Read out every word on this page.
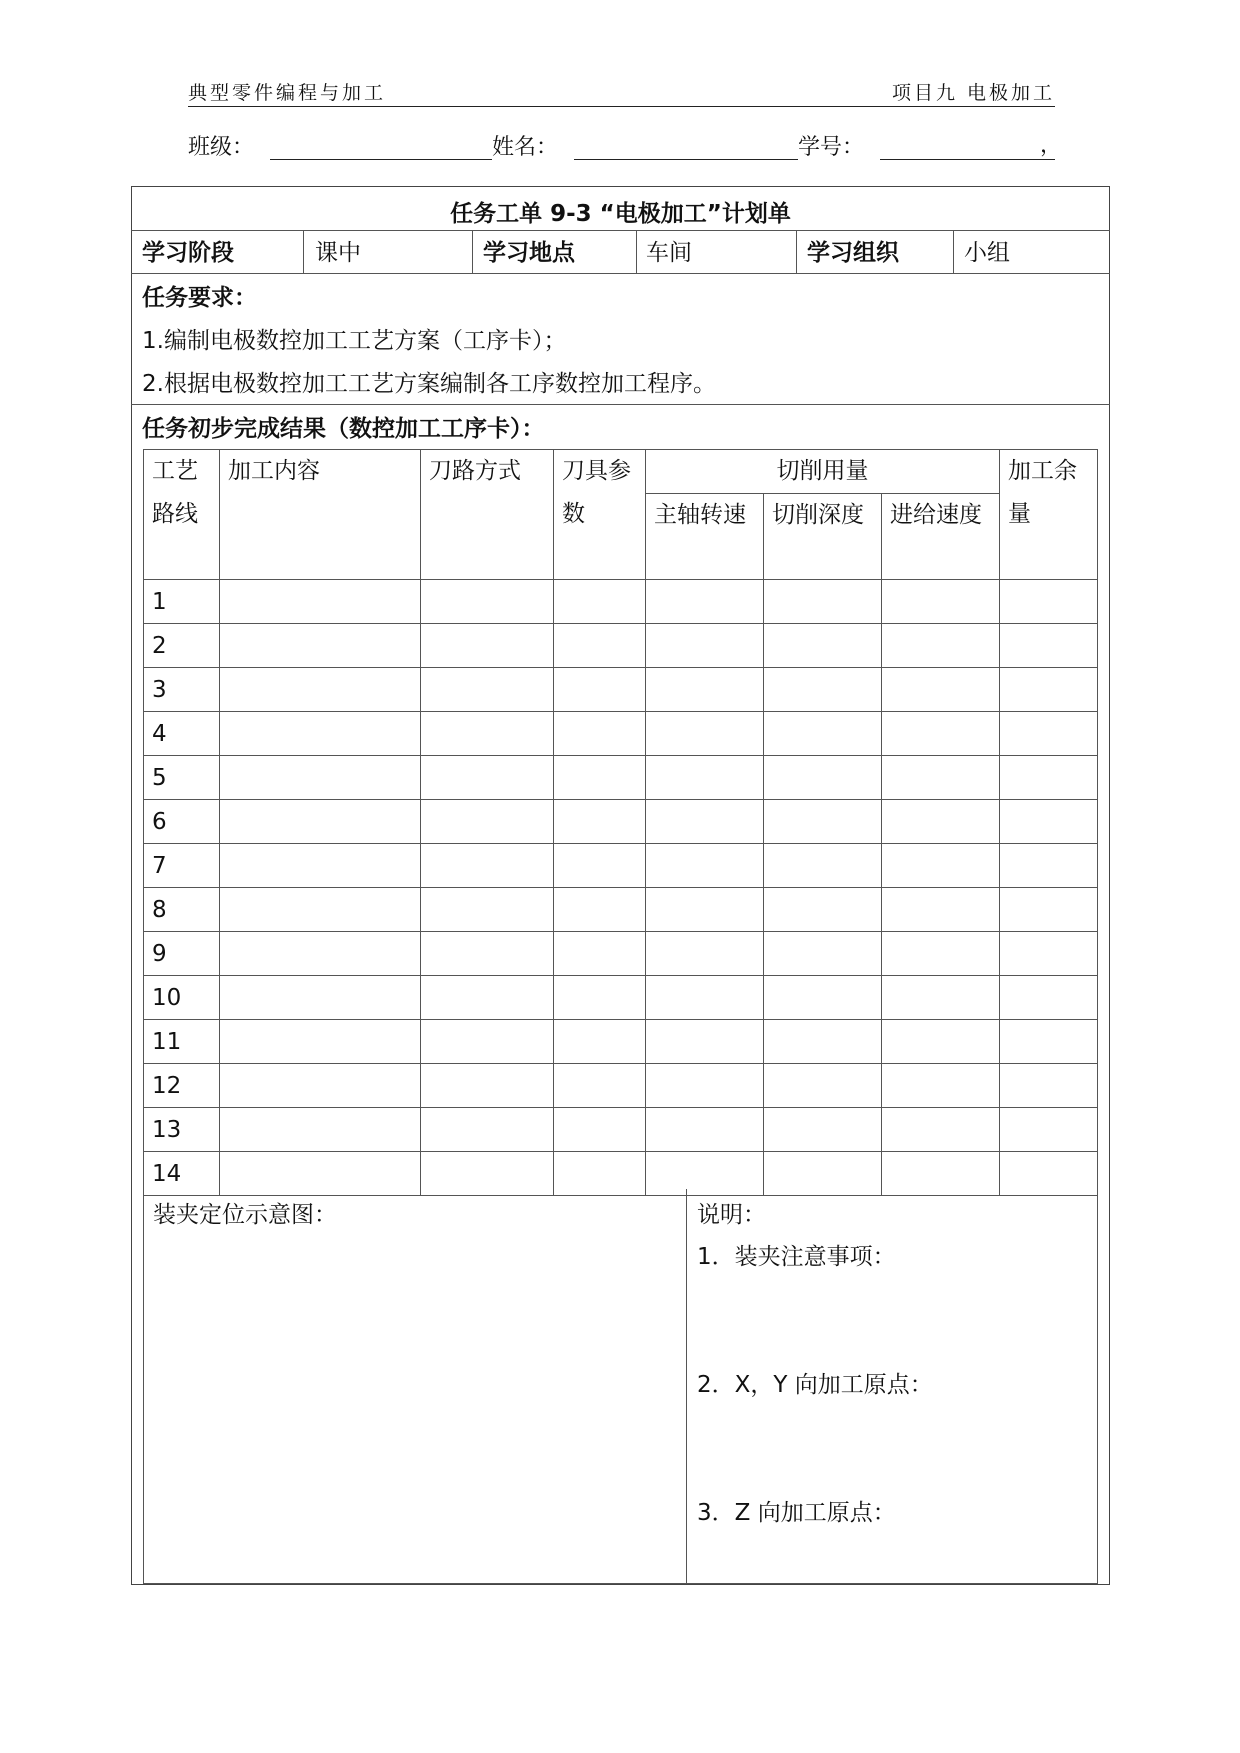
典型零件编程与加工	项目九 电极加工
班级：	姓名：	学号：	，
任务工单 9-3 “电极加工”计划单
学习阶段	课中	学习地点	车间	学习组织	小组
任务要求：
1.编制电极数控加工工艺方案（工序卡）；
2.根据电极数控加工工艺方案编制各工序数控加工程序。
任务初步完成结果（数控加工工序卡）：
工艺路线	加工内容	刀路方式	刀具参数	切削用量			加工余量
				主轴转速	切削深度	进给速度	
1							
2							
3							
4							
5							
6							
7							
8							
9							
10							
11							
12							
13							
14							
装夹定位示意图：	说明：
1．装夹注意事项：
2．X，Y 向加工原点：
3．Z 向加工原点：
